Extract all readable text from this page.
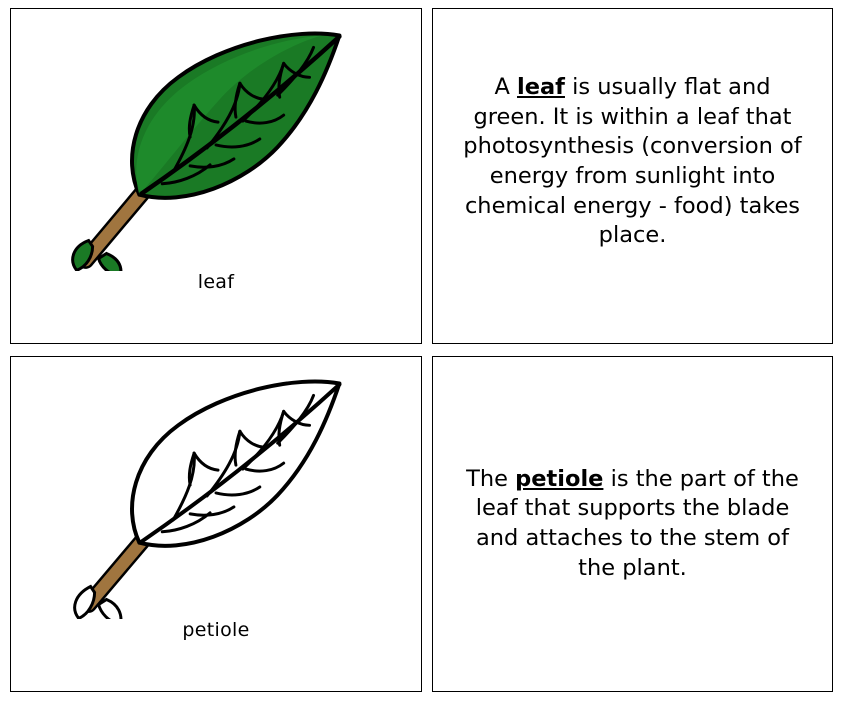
leaf
A leaf is usually flat and green. It is within a leaf that photosynthesis (conversion of energy from sunlight into chemical energy - food) takes place.
petiole
The petiole is the part of the leaf that supports the blade and attaches to the stem of the plant.
